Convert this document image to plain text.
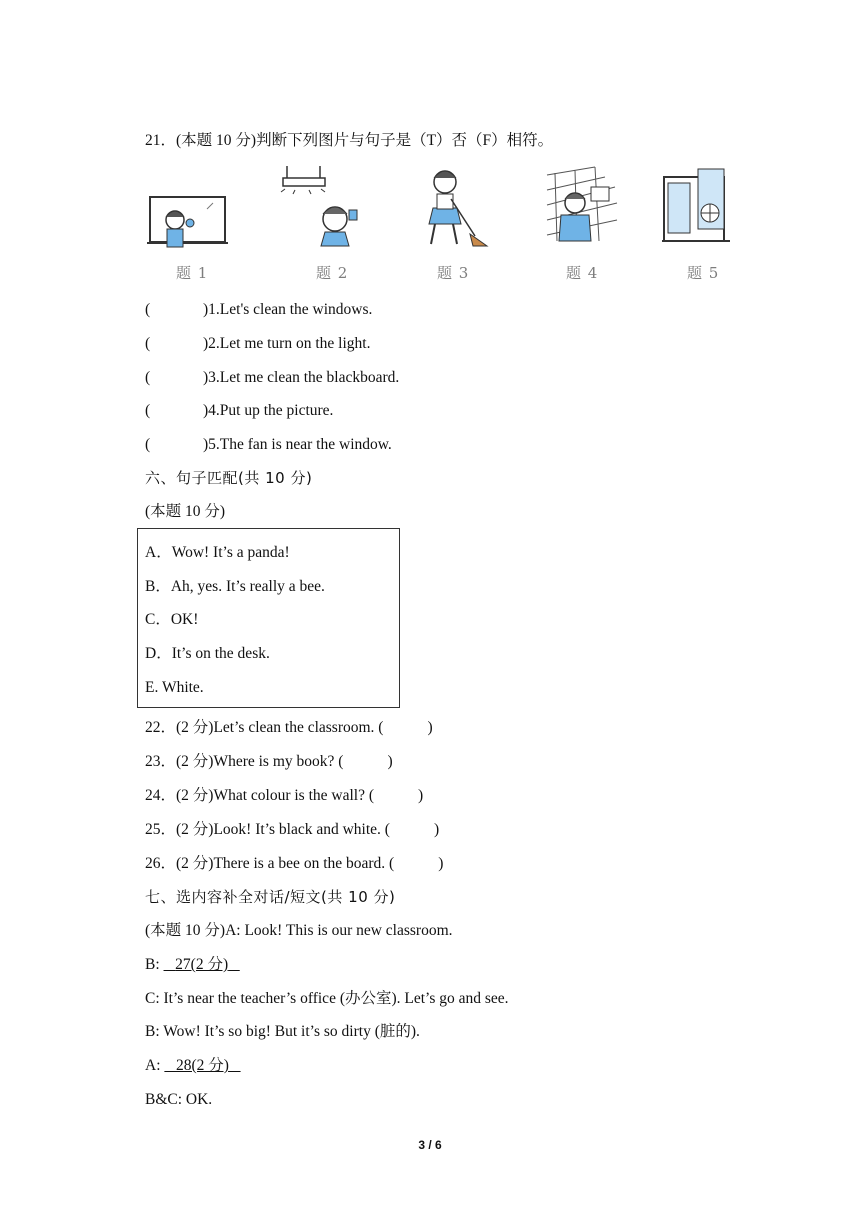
21．(本题 10 分)判断下列图片与句子是（T）否（F）相符。
题 1	题 2	题 3	题 4	题 5
(	)1.Let's clean the windows.
(	)2.Let me turn on the light.
(	)3.Let me clean the blackboard.
(	)4.Put up the picture.
(	)5.The fan is near the window.
六、句子匹配(共 10 分)
(本题 10 分)
A．Wow! It’s a panda!
B．Ah, yes. It’s really a bee.
C．OK!
D．It’s on the desk.
E. White.
22．(2 分)Let’s clean the classroom. (	)
23．(2 分)Where is my book? (	)
24．(2 分)What colour is the wall? (	)
25．(2 分)Look! It’s black and white. (	)
26．(2 分)There is a bee on the board. (	)
七、选内容补全对话/短文(共 10 分)
(本题 10 分)A: Look! This is our new classroom.
B:    27(2 分)
C: It’s near the teacher’s office (办公室). Let’s go and see.
B: Wow! It’s so big! But it’s so dirty (脏的).
A:    28(2 分)
B&C: OK.
3 / 6
